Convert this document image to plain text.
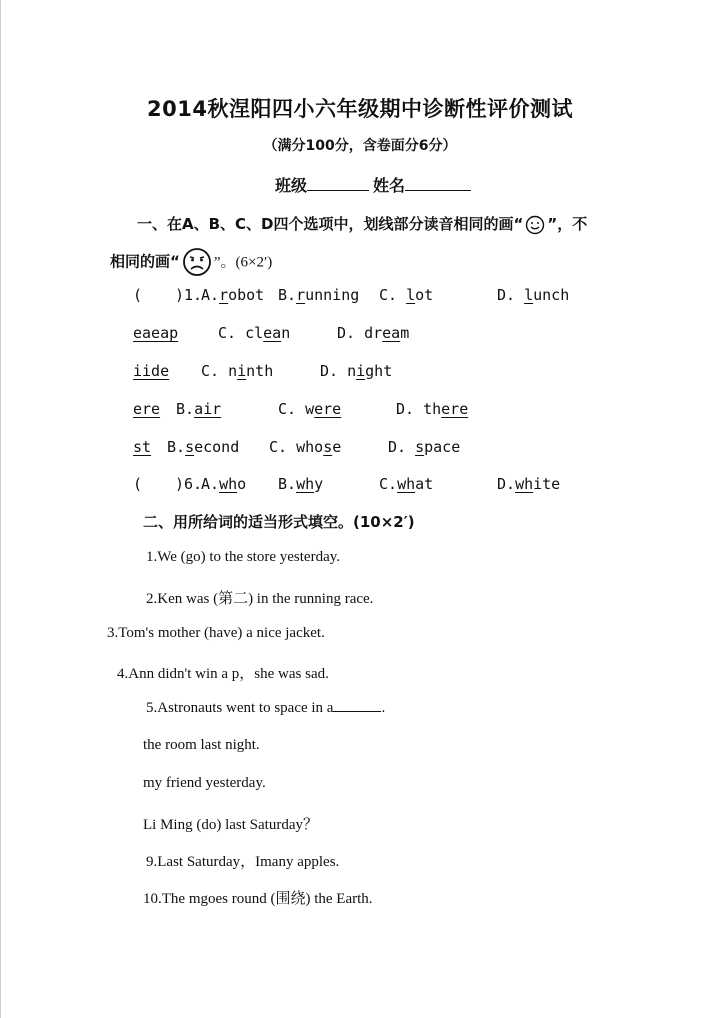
2014秋涅阳四小六年级期中诊断性评价测试
（满分100分，含卷面分6分）
班级	姓名
一、在A、B、C、D四个选项中，划线部分读音相同的画“ ”，不
相同的画“ ”。(6×2′)
( )1.
A.robot B.running C. lot	D. lunch
eaeap	C. clean	D. dream
iide C. ninth	D. night
ere B.air	C. were	D. there
st B.second C. whose	D. space
( )6.
A.who B.why	C.what	D.white
二、用所给词的适当形式填空。(10×2′)
1.We (go) to the store yesterday.
2.Ken was (第二) in the running race.
3.Tom's mother (have) a nice jacket.
4.Ann didn't win a p，she was sad.
5.Astronauts went to space in a	.
the room last night.
my friend yesterday.
Li Ming (do) last Saturday？
9.Last Saturday，Imany apples.
10.The mgoes round (围绕) the Earth.
